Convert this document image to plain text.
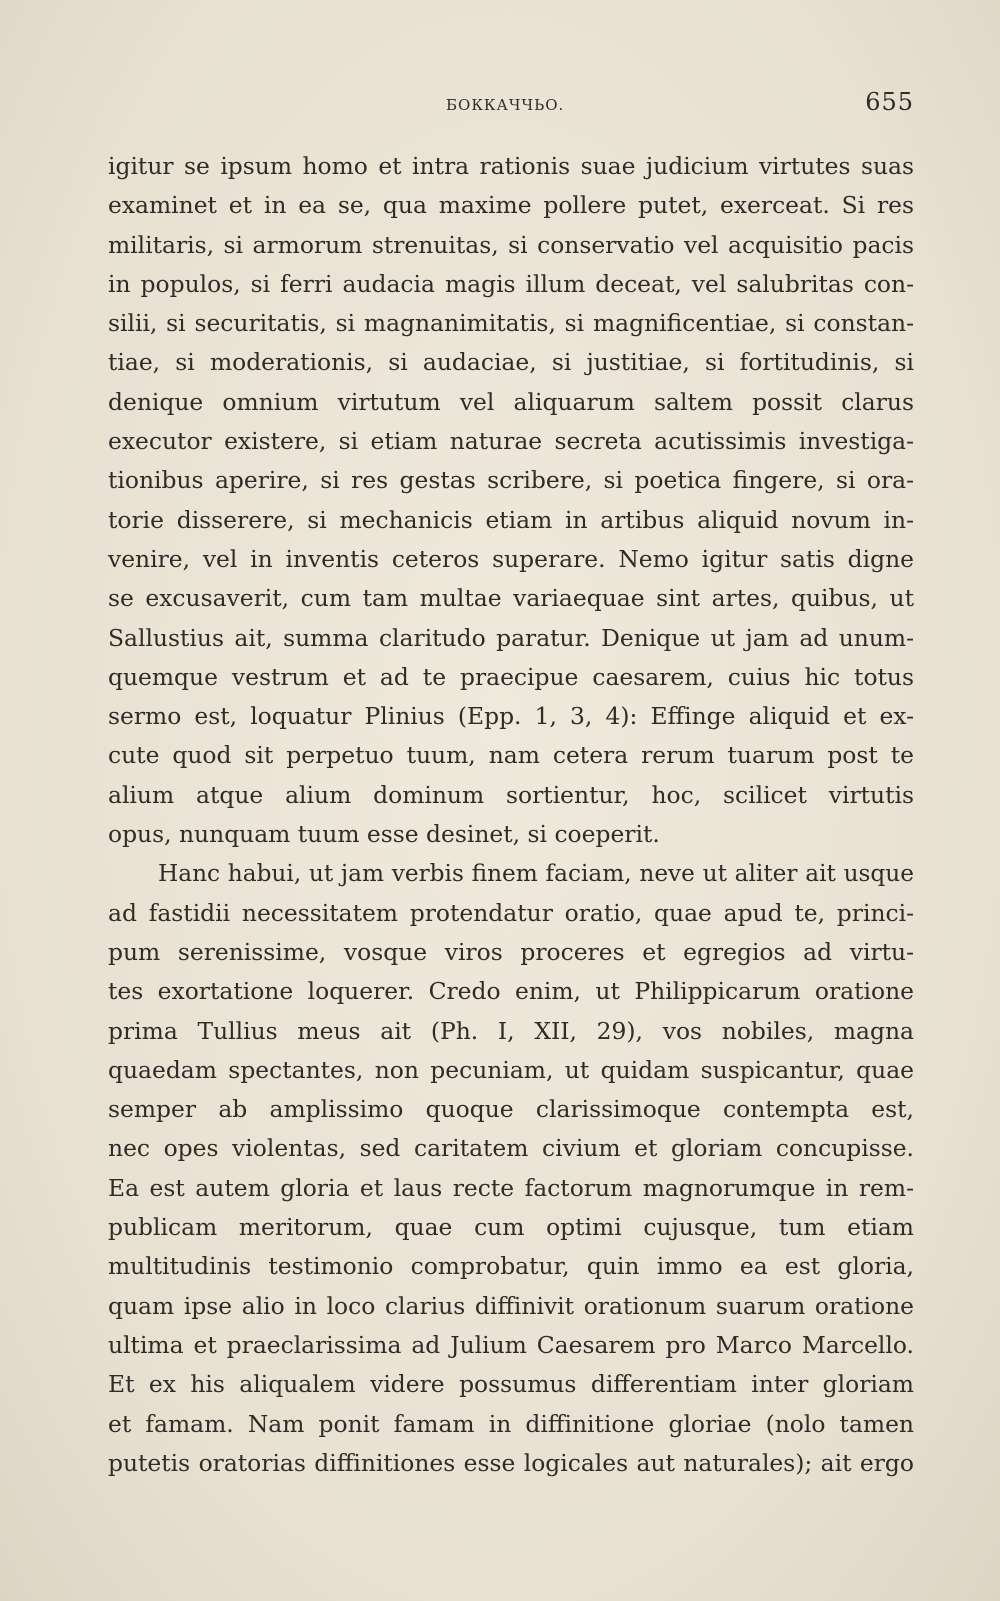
БОККАЧЧЬО.	655
igitur se ipsum homo et intra rationis suae judicium virtutes suas
examinet et in ea se, qua maxime pollere putet, exerceat. Si res
militaris, si armorum strenuitas, si conservatio vel acquisitio pacis
in populos, si ferri audacia magis illum deceat, vel salubritas con-
silii, si securitatis, si magnanimitatis, si magnificentiae, si constan-
tiae, si moderationis, si audaciae, si justitiae, si fortitudinis, si
denique omnium virtutum vel aliquarum saltem possit clarus
executor existere, si etiam naturae secreta acutissimis investiga-
tionibus aperire, si res gestas scribere, si poetica fingere, si ora-
torie disserere, si mechanicis etiam in artibus aliquid novum in-
venire, vel in inventis ceteros superare. Nemo igitur satis digne
se excusaverit, cum tam multae variaequae sint artes, quibus, ut
Sallustius ait, summa claritudo paratur. Denique ut jam ad unum-
quemque vestrum et ad te praecipue caesarem, cuius hic totus
sermo est, loquatur Plinius (Epp. 1, 3, 4): Effinge aliquid et ex-
cute quod sit perpetuo tuum, nam cetera rerum tuarum post te
alium atque alium dominum sortientur, hoc, scilicet virtutis
opus, nunquam tuum esse desinet, si coeperit.
Hanc habui, ut jam verbis finem faciam, neve ut aliter ait usque
ad fastidii necessitatem protendatur oratio, quae apud te, princi-
pum serenissime, vosque viros proceres et egregios ad virtu-
tes exortatione loquerer. Credo enim, ut Philippicarum oratione
prima Tullius meus ait (Ph. I, XII, 29), vos nobiles, magna
quaedam spectantes, non pecuniam, ut quidam suspicantur, quae
semper ab amplissimo quoque clarissimoque contempta est,
nec opes violentas, sed caritatem civium et gloriam concupisse.
Ea est autem gloria et laus recte factorum magnorumque in rem-
publicam meritorum, quae cum optimi cujusque, tum etiam
multitudinis testimonio comprobatur, quin immo ea est gloria,
quam ipse alio in loco clarius diffinivit orationum suarum oratione
ultima et praeclarissima ad Julium Caesarem pro Marco Marcello.
Et ex his aliqualem videre possumus differentiam inter gloriam
et famam. Nam ponit famam in diffinitione gloriae (nolo tamen
putetis oratorias diffinitiones esse logicales aut naturales); ait ergo
